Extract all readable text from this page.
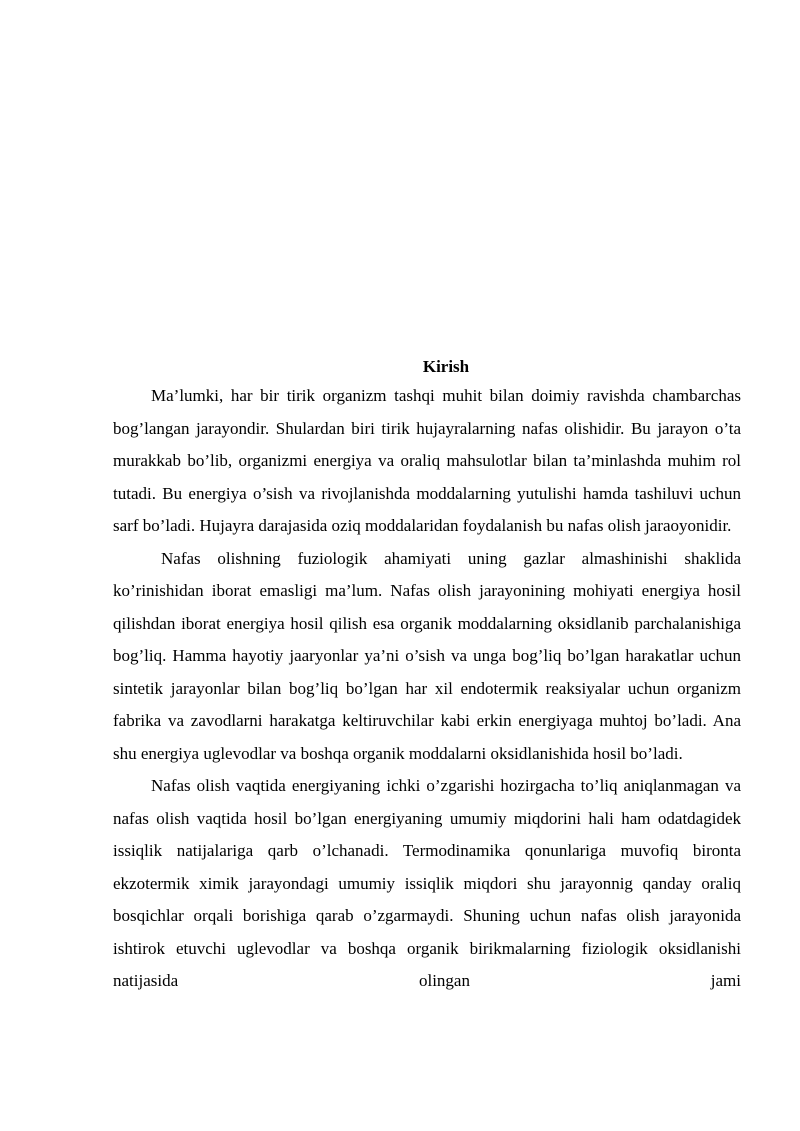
Kirish

Ma’lumki, har bir tirik organizm tashqi muhit bilan doimiy ravishda chambarchas bog’langan jarayondir. Shulardan biri tirik hujayralarning nafas olishidir. Bu jarayon o’ta murakkab bo’lib, organizmi energiya va oraliq mahsulotlar bilan ta’minlashda muhim rol tutadi. Bu energiya o’sish va rivojlanishda moddalarning yutulishi hamda tashiluvi uchun sarf bo’ladi. Hujayra darajasida oziq moddalaridan foydalanish bu nafas olish jaraoyonidir.

Nafas olishning fuziologik ahamiyati uning gazlar almashinishi shaklida ko’rinishidan iborat emasligi ma’lum. Nafas olish jarayonining mohiyati energiya hosil qilishdan iborat energiya hosil qilish esa organik moddalarning oksidlanib parchalanishiga bog’liq. Hamma hayotiy jaaryonlar ya’ni o’sish va unga bog’liq bo’lgan harakatlar uchun sintetik jarayonlar bilan bog’liq bo’lgan har xil endotermik reaksiyalar uchun organizm fabrika va zavodlarni harakatga keltiruvchilar kabi erkin energiyaga muhtoj bo’ladi. Ana shu energiya uglevodlar va boshqa organik moddalarni oksidlanishida hosil bo’ladi.

Nafas olish vaqtida energiyaning ichki o’zgarishi hozirgacha to’liq aniqlanmagan va nafas olish vaqtida hosil bo’lgan energiyaning umumiy miqdorini hali ham odatdagidek issiqlik natijalariga qarb o’lchanadi. Termodinamika qonunlariga muvofiq bironta ekzotermik ximik jarayondagi umumiy issiqlik miqdori shu jarayonnig qanday oraliq bosqichlar orqali borishiga qarab o’zgarmaydi. Shuning uchun nafas olish jarayonida ishtirok etuvchi uglevodlar va boshqa organik birikmalarning fiziologik oksidlanishi natijasida olingan jami
